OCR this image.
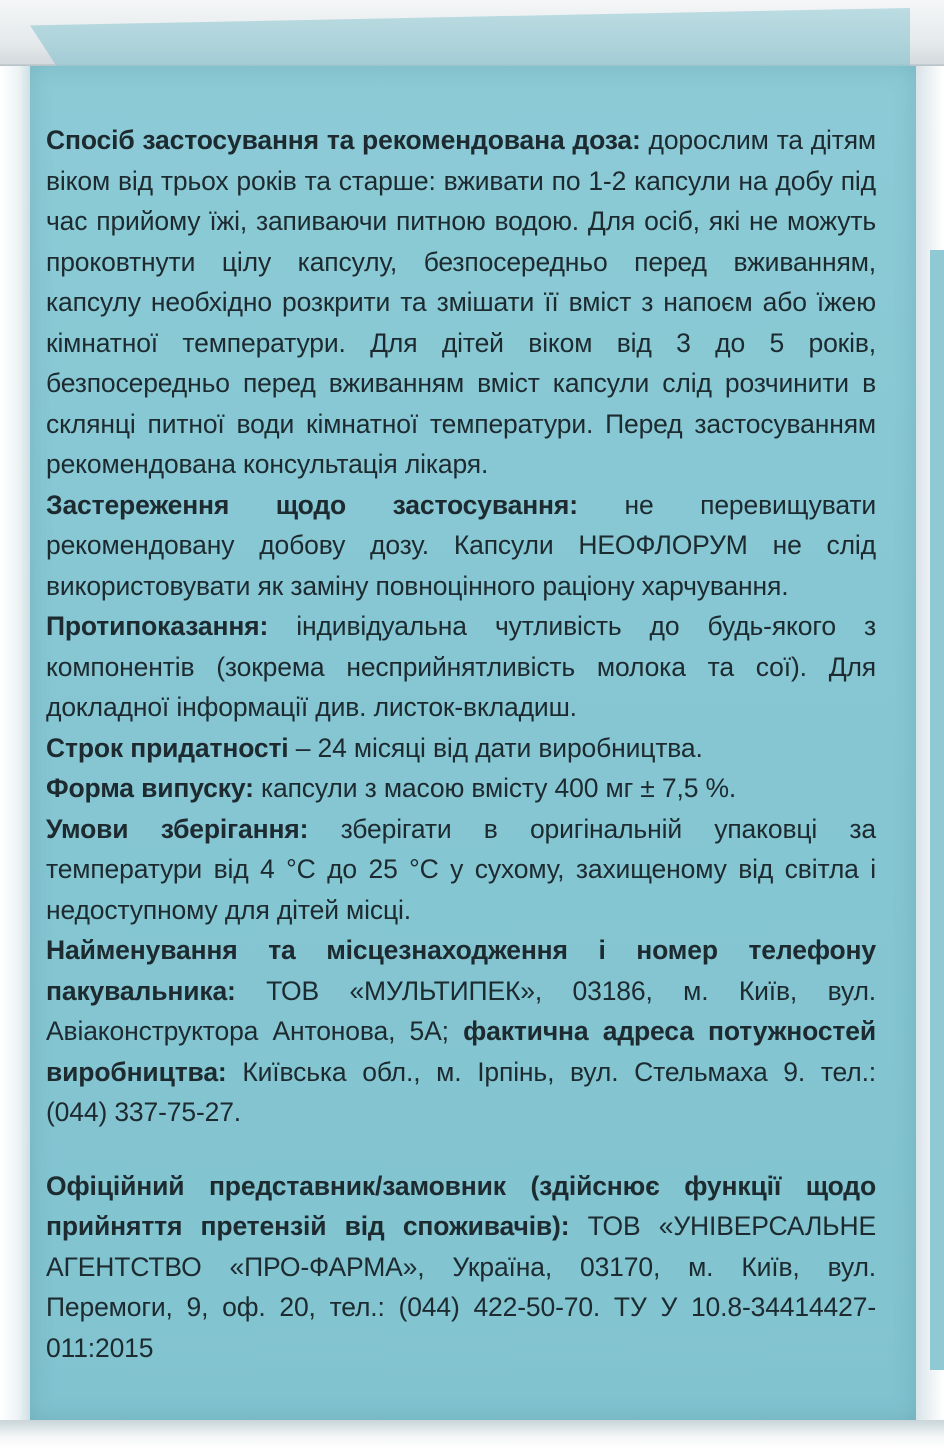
Спосіб застосування та рекомендована доза: дорослим та дітям віком від трьох років та старше: вживати по 1-2 капсули на добу під час прийому їжі, запиваючи питною водою. Для осіб, які не можуть проковтнути цілу капсулу, безпосередньо перед вживанням, капсулу необхідно розкрити та змішати її вміст з напоєм або їжею кімнатної температури. Для дітей віком від 3 до 5 років, безпосередньо перед вживанням вміст капсули слід розчинити в склянці питної води кімнатної температури. Перед застосуванням рекомендована консультація лікаря.

Застереження щодо застосування: не перевищувати рекомендовану добову дозу. Капсули НЕОФЛОРУМ не слід використовувати як заміну повноцінного раціону харчування.

Протипоказання: індивідуальна чутливість до будь-якого з компонентів (зокрема несприйнятливість молока та сої). Для докладної інформації див. листок-вкладиш.

Строк придатності – 24 місяці від дати виробництва.

Форма випуску: капсули з масою вмісту 400 мг ± 7,5 %.

Умови зберігання: зберігати в оригінальній упаковці за температури від 4 °С до 25 °С у сухому, захищеному від світла і недоступному для дітей місці.

Найменування та місцезнаходження і номер телефону пакувальника: ТОВ «МУЛЬТИПЕК», 03186, м. Київ, вул. Авіаконструктора Антонова, 5А; фактична адреса потужностей виробництва: Київська обл., м. Ірпінь, вул. Стельмаха 9. тел.: (044) 337-75-27.

Офіційний представник/замовник (здійснює функції щодо прийняття претензій від споживачів): ТОВ «УНІВЕРСАЛЬНЕ АГЕНТСТВО «ПРО-ФАРМА», Україна, 03170, м. Київ, вул. Перемоги, 9, оф. 20, тел.: (044) 422-50-70. ТУ У 10.8-34414427-011:2015
